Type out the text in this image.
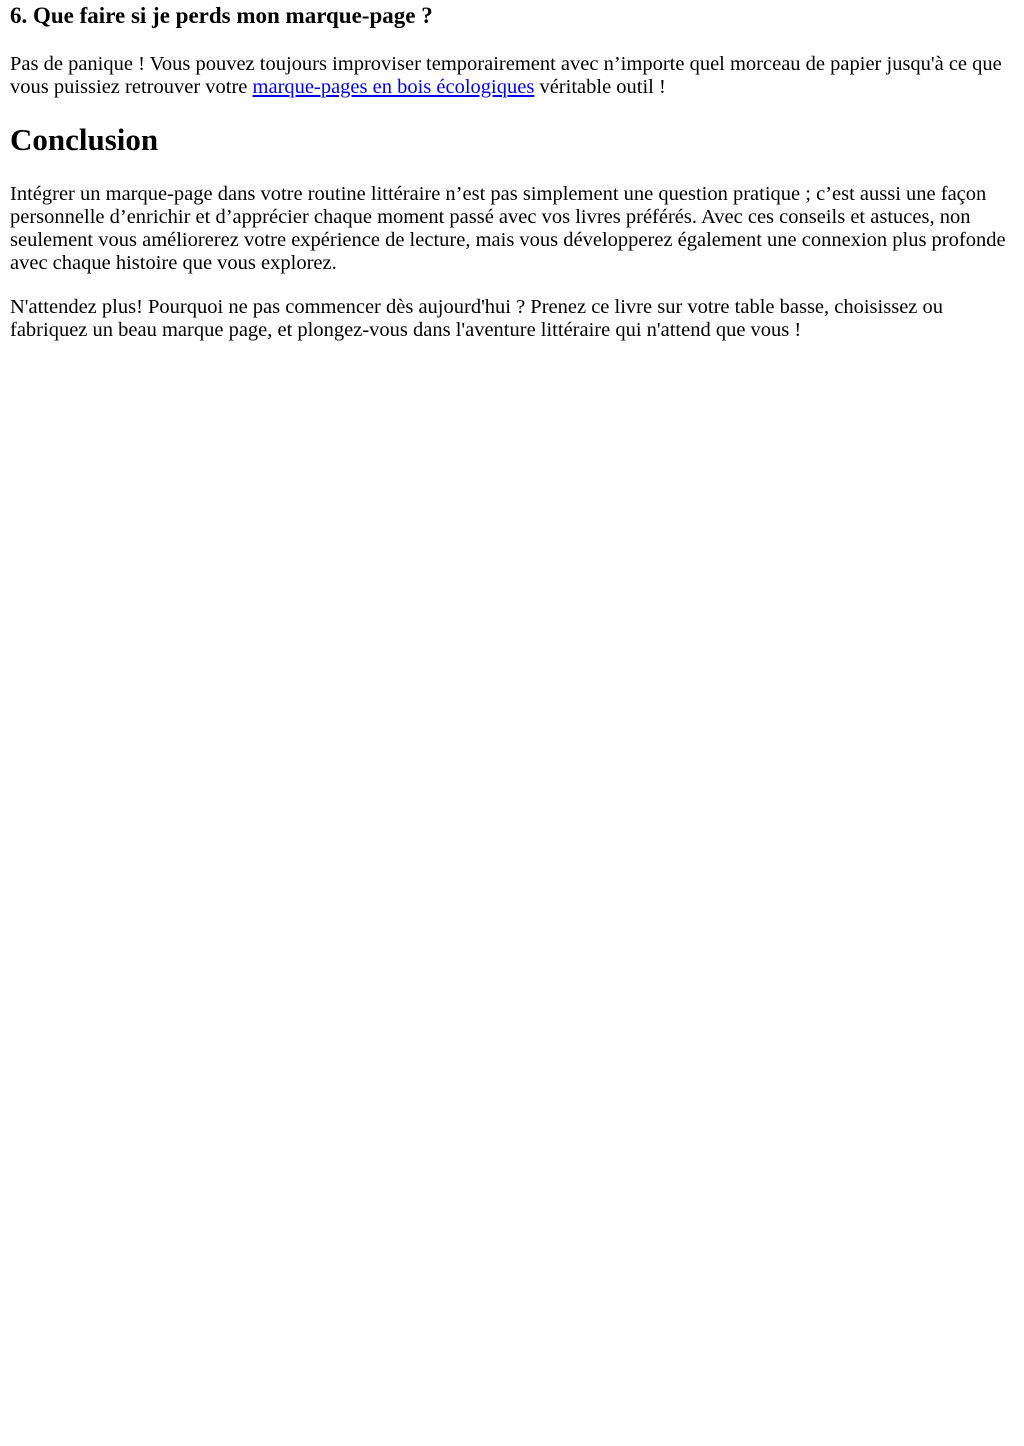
6. Que faire si je perds mon marque-page ?

Pas de panique ! Vous pouvez toujours improviser temporairement avec n’importe quel morceau de papier jusqu'à ce que vous puissiez retrouver votre marque-pages en bois écologiques véritable outil !

Conclusion

Intégrer un marque-page dans votre routine littéraire n’est pas simplement une question pratique ; c’est aussi une façon personnelle d’enrichir et d’apprécier chaque moment passé avec vos livres préférés. Avec ces conseils et astuces, non seulement vous améliorerez votre expérience de lecture, mais vous développerez également une connexion plus profonde avec chaque histoire que vous explorez.

N'attendez plus! Pourquoi ne pas commencer dès aujourd'hui ? Prenez ce livre sur votre table basse, choisissez ou fabriquez un beau marque page, et plongez-vous dans l'aventure littéraire qui n'attend que vous !
